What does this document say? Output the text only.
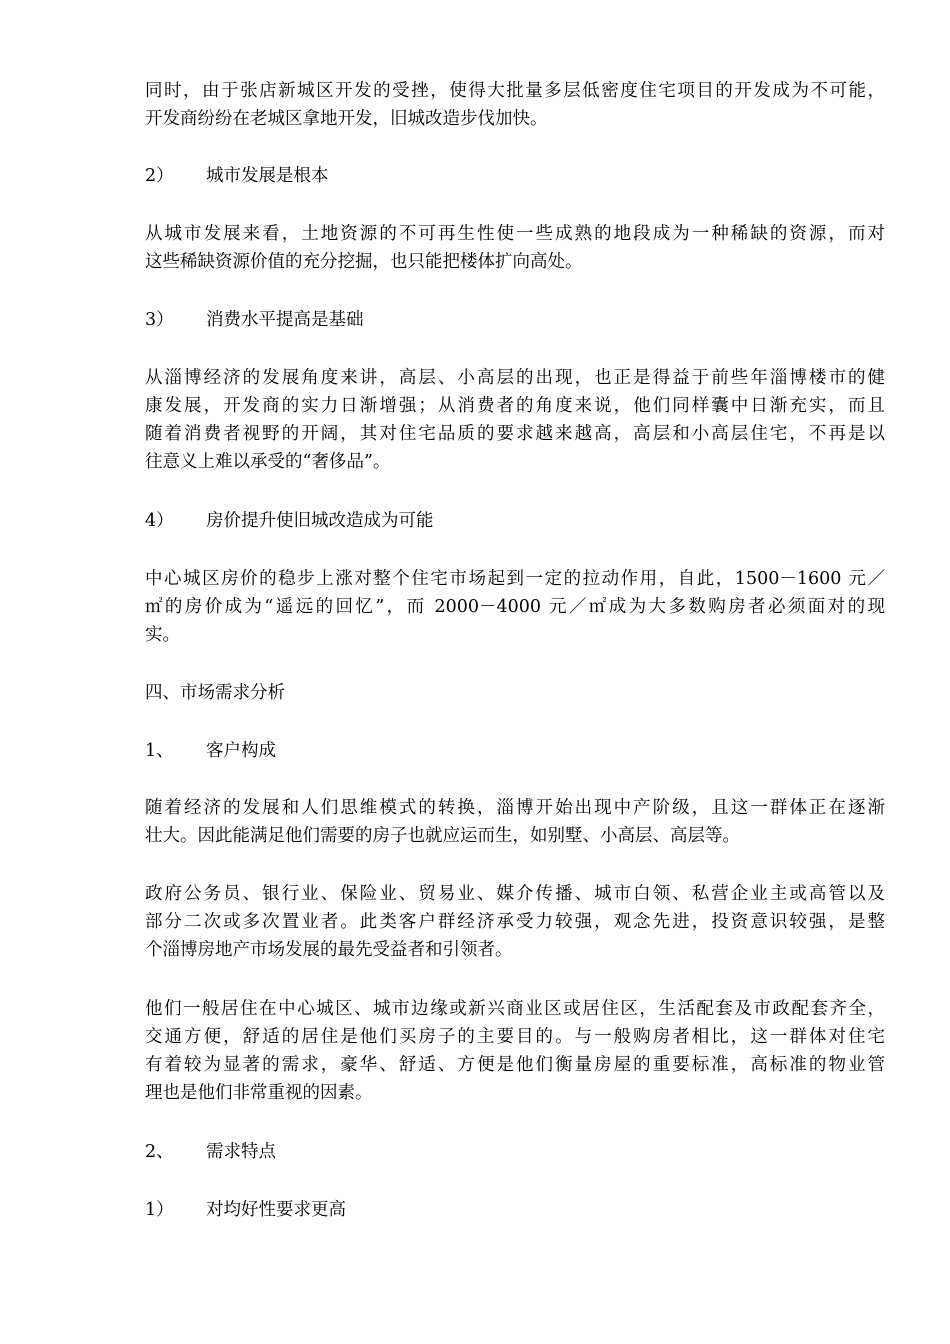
同时，由于张店新城区开发的受挫，使得大批量多层低密度住宅项目的开发成为不可能，
开发商纷纷在老城区拿地开发，旧城改造步伐加快。
2） 城市发展是根本
从城市发展来看，土地资源的不可再生性使一些成熟的地段成为一种稀缺的资源，而对
这些稀缺资源价值的充分挖掘，也只能把楼体扩向高处。
3） 消费水平提高是基础
从淄博经济的发展角度来讲，高层、小高层的出现，也正是得益于前些年淄博楼市的健
康发展，开发商的实力日渐增强；从消费者的角度来说，他们同样囊中日渐充实，而且
随着消费者视野的开阔，其对住宅品质的要求越来越高，高层和小高层住宅，不再是以
往意义上难以承受的“奢侈品”。
4） 房价提升使旧城改造成为可能
中心城区房价的稳步上涨对整个住宅市场起到一定的拉动作用，自此，1500－1600 元／
㎡的房价成为“遥远的回忆”，而 2000－4000 元／㎡成为大多数购房者必须面对的现
实。
四、市场需求分析
1、 客户构成
随着经济的发展和人们思维模式的转换，淄博开始出现中产阶级，且这一群体正在逐渐
壮大。因此能满足他们需要的房子也就应运而生，如别墅、小高层、高层等。
政府公务员、银行业、保险业、贸易业、媒介传播、城市白领、私营企业主或高管以及
部分二次或多次置业者。此类客户群经济承受力较强，观念先进，投资意识较强，是整
个淄博房地产市场发展的最先受益者和引领者。
他们一般居住在中心城区、城市边缘或新兴商业区或居住区，生活配套及市政配套齐全，
交通方便，舒适的居住是他们买房子的主要目的。与一般购房者相比，这一群体对住宅
有着较为显著的需求，豪华、舒适、方便是他们衡量房屋的重要标准，高标准的物业管
理也是他们非常重视的因素。
2、 需求特点
1） 对均好性要求更高
